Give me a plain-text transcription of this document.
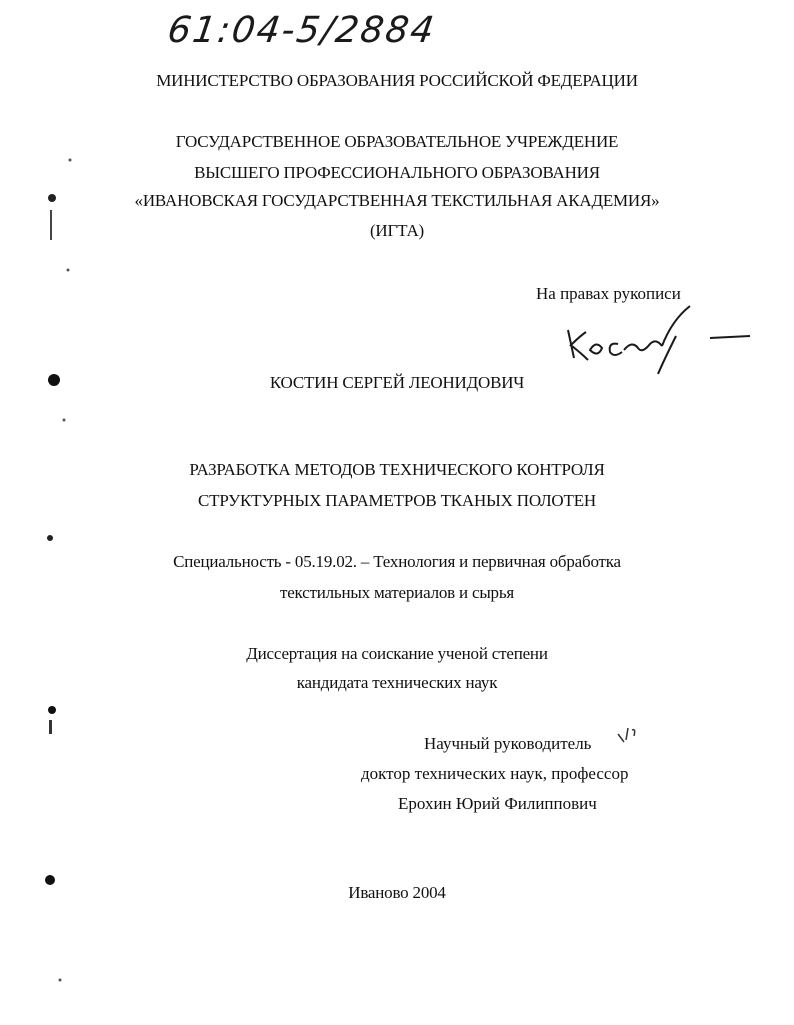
61:04-5/2884
МИНИСТЕРСТВО ОБРАЗОВАНИЯ РОССИЙСКОЙ ФЕДЕРАЦИИ
ГОСУДАРСТВЕННОЕ ОБРАЗОВАТЕЛЬНОЕ УЧРЕЖДЕНИЕ
ВЫСШЕГО ПРОФЕССИОНАЛЬНОГО ОБРАЗОВАНИЯ
«ИВАНОВСКАЯ ГОСУДАРСТВЕННАЯ ТЕКСТИЛЬНАЯ АКАДЕМИЯ»
(ИГТА)
На правах рукописи
КОСТИН СЕРГЕЙ ЛЕОНИДОВИЧ
РАЗРАБОТКА МЕТОДОВ ТЕХНИЧЕСКОГО КОНТРОЛЯ
СТРУКТУРНЫХ ПАРАМЕТРОВ ТКАНЫХ ПОЛОТЕН
Специальность - 05.19.02. – Технология и первичная обработка
текстильных материалов и сырья
Диссертация на соискание ученой степени
кандидата технических наук
Научный руководитель
доктор технических наук, профессор
Ерохин Юрий Филиппович
Иваново 2004
